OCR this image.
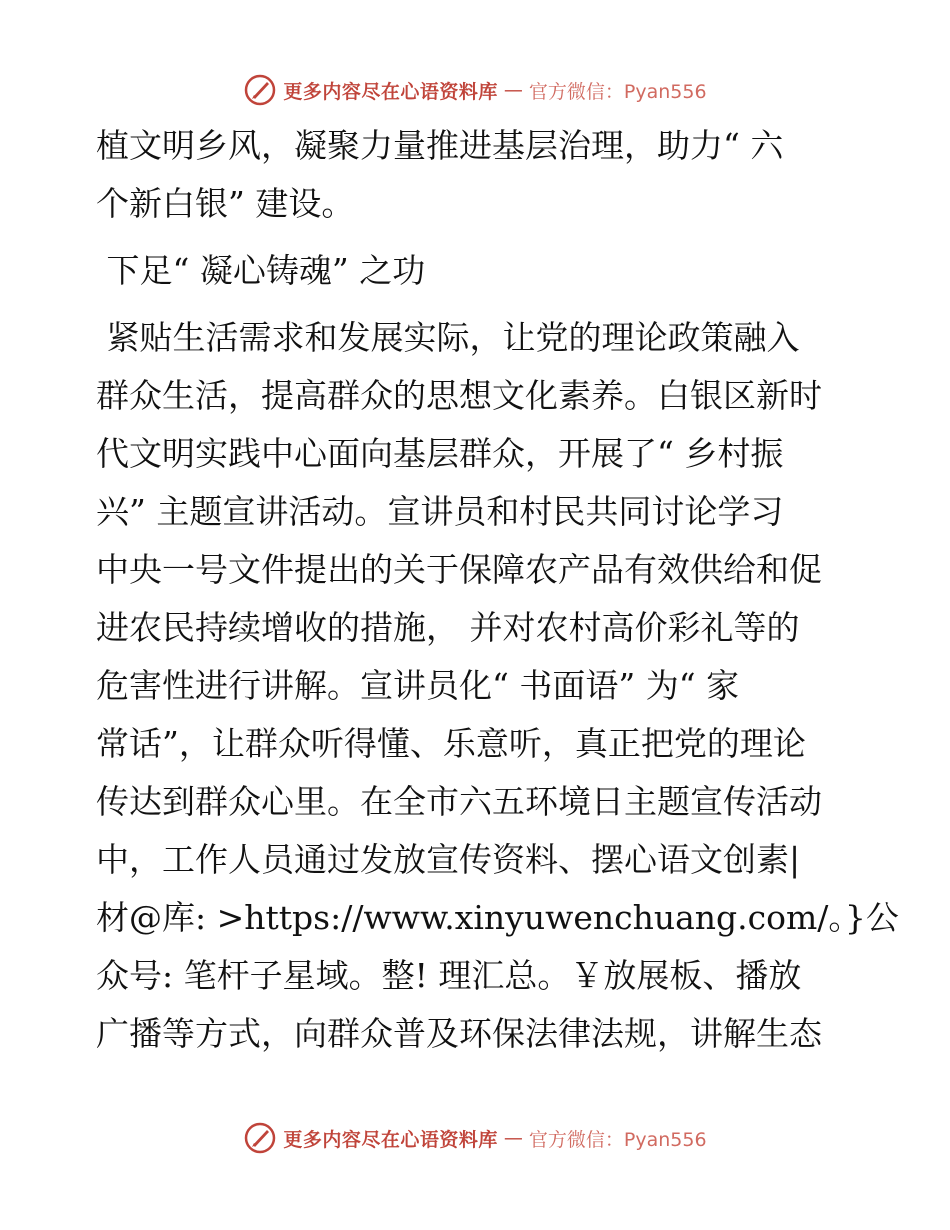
更多内容尽在心语资料库 — 官方微信：Pyan556
植文明乡风，凝聚力量推进基层治理，助力“ 六
个新白银” 建设。
下足“ 凝心铸魂” 之功
紧贴生活需求和发展实际，让党的理论政策融入
群众生活，提高群众的思想文化素养。白银区新时
代文明实践中心面向基层群众，开展了“ 乡村振
兴” 主题宣讲活动。宣讲员和村民共同讨论学习
中央一号文件提出的关于保障农产品有效供给和促
进农民持续增收的措施， 并对农村高价彩礼等的
危害性进行讲解。宣讲员化“ 书面语” 为“ 家
常话”，让群众听得懂、乐意听，真正把党的理论
传达到群众心里。在全市六五环境日主题宣传活动
中，工作人员通过发放宣传资料、摆心语文创素|
材@库: >https://www.xinyuwenchuang.com/。}公
众号: 笔杆子星域。整! 理汇总。￥放展板、播放
广播等方式，向群众普及环保法律法规，讲解生态
更多内容尽在心语资料库 — 官方微信：Pyan556
